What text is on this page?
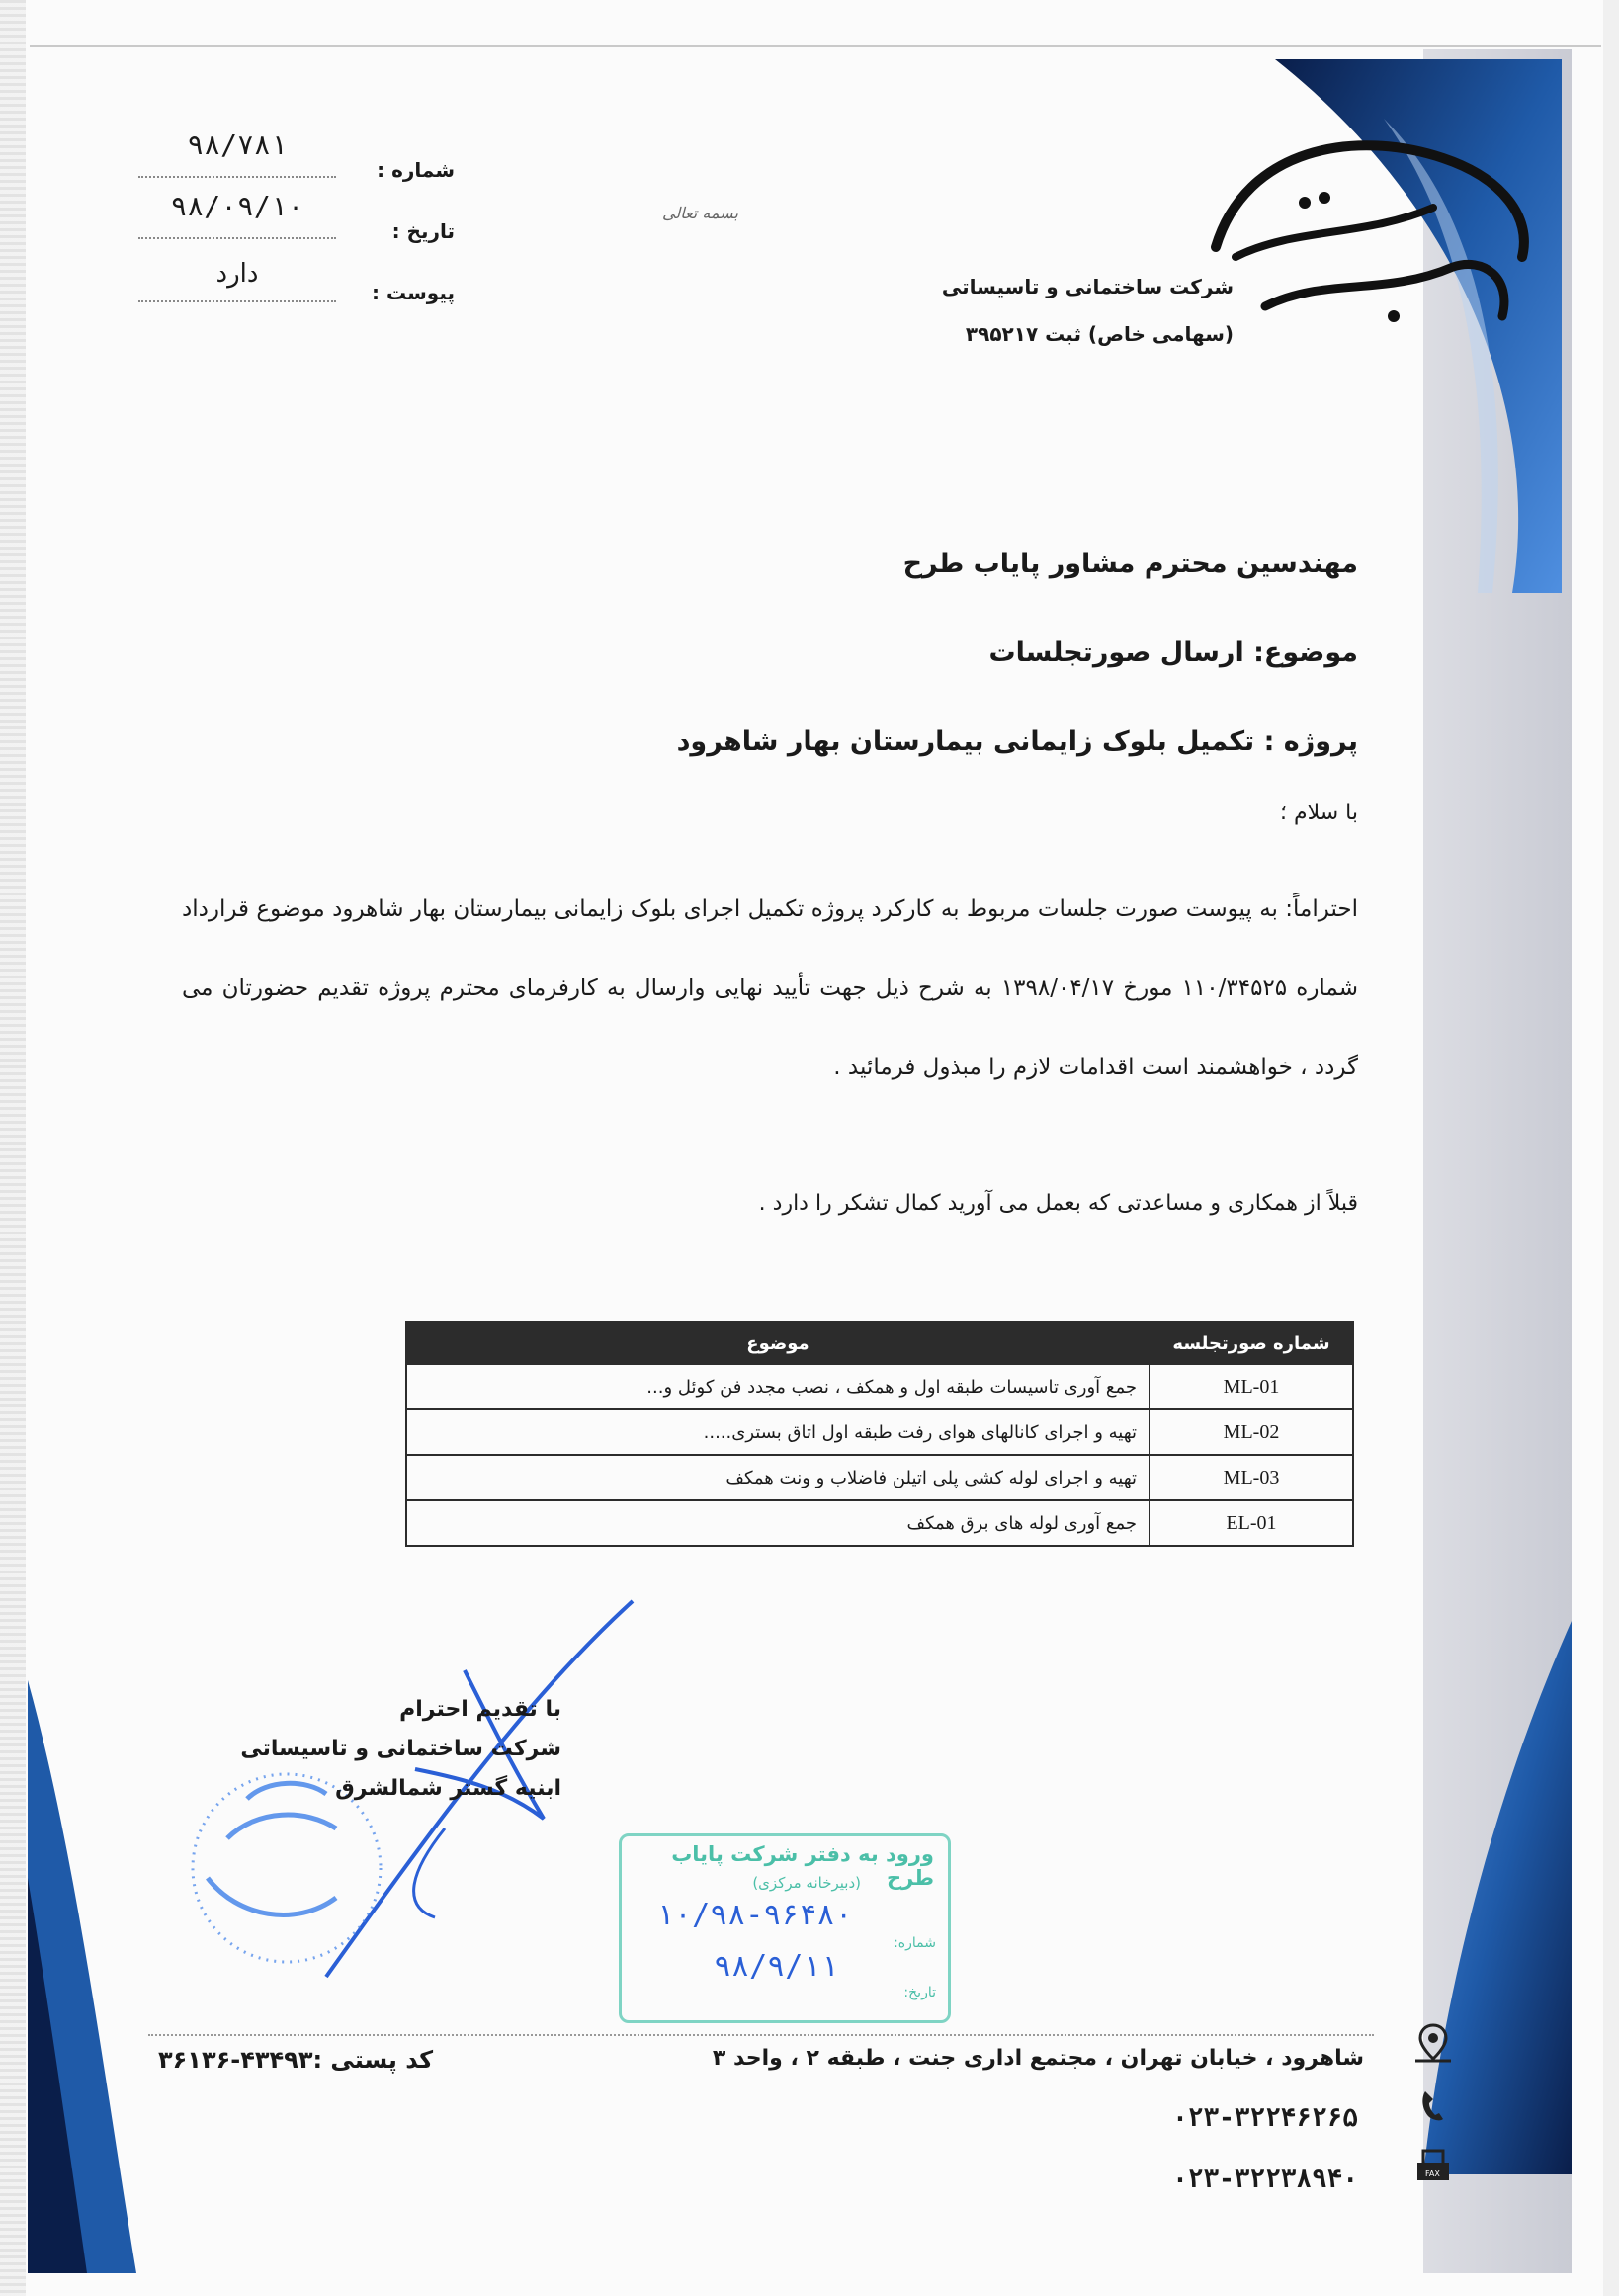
ابنیه گستر شمالشرق
شرکت ساختمانی و تاسیساتی
(سهامی خاص) ثبت ۳۹۵۲۱۷
بسمه تعالی
شماره :
۹۸/۷۸۱
تاریخ :
۹۸/۰۹/۱۰
پیوست :
دارد
مهندسین محترم مشاور پایاب طرح
موضوع: ارسال صورتجلسات
پروژه : تکمیل بلوک زایمانی بیمارستان بهار شاهرود
با سلام ؛
احتراماً: به پیوست صورت جلسات مربوط به کارکرد پروژه تکمیل اجرای بلوک زایمانی بیمارستان بهار شاهرود موضوع قرارداد شماره ۱۱۰/۳۴۵۲۵ مورخ ۱۳۹۸/۰۴/۱۷ به شرح ذیل جهت تأیید نهایی وارسال به کارفرمای محترم پروژه تقدیم حضورتان می گردد ، خواهشمند است اقدامات لازم را مبذول فرمائید .
قبلاً از همکاری و مساعدتی که بعمل می آورید کمال تشکر را دارد .
شماره صورتجلسه	موضوع
ML-01	جمع آوری تاسیسات طبقه اول و همکف ، نصب مجدد فن کوئل و...
ML-02	تهیه و اجرای کانالهای هوای رفت طبقه اول اتاق بستری.....
ML-03	تهیه و اجرای لوله کشی پلی اتیلن فاضلاب و ونت همکف
EL-01	جمع آوری لوله های برق همکف
با تقدیم احترام
شرکت ساختمانی و تاسیساتی
ابنیه گستر شمالشرق
ورود به دفتر شرکت پایاب طرح
(دبیرخانه مرکزی)
شماره:
تاریخ:
۱۰/۹۸-۹۶۴۸۰
۹۸/۹/۱۱
شاهرود ، خیابان تهران ، مجتمع اداری جنت ، طبقه ۲ ، واحد ۳
کد پستی :۴۳۴۹۳-۳۶۱۳۶
۰۲۳-۳۲۲۴۶۲۶۵
۰۲۳-۳۲۲۳۸۹۴۰	FAX
